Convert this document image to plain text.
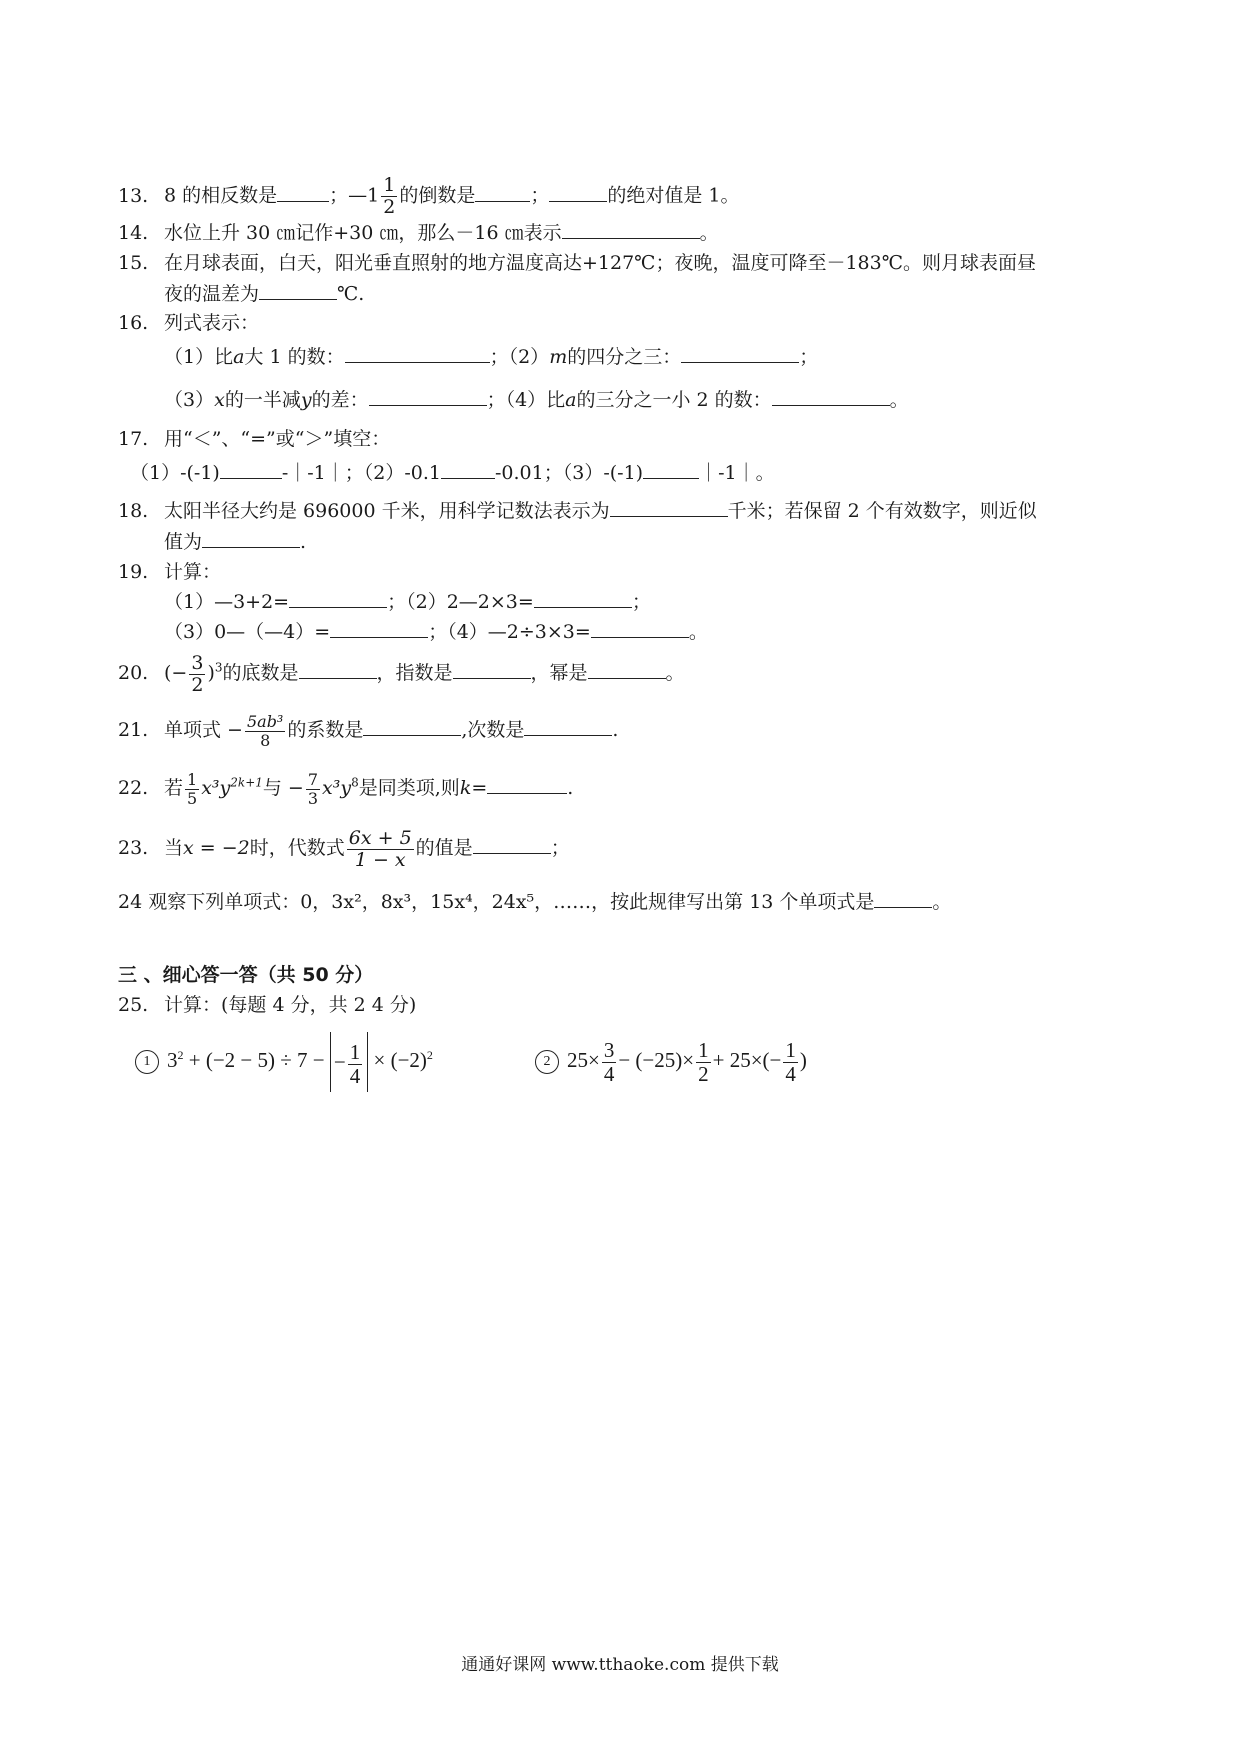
13. 8 的相反数是	；—1 $\frac{1}{2}$ 的倒数是	；	的绝对值是 1。
14. 水位上升 30 ㎝记作+30 ㎝，那么－16 ㎝表示	。
15. 在月球表面，白天，阳光垂直照射的地方温度高达+127℃；夜晚，温度可降至－183℃。则月球表面昼
夜的温差为	℃.
16. 列式表示：
（1）比a大 1 的数：	；（2）m的四分之三：	；
（3）x的一半减y的差：	；（4）比a的三分之一小 2 的数：	。
17. 用“＜”、“=”或“＞”填空：
（1）-(-1)	-｜-1｜；（2）-0.1	-0.01；（3）-(-1)	｜-1｜。
18. 太阳半径大约是 696000 千米，用科学记数法表示为	千米；若保留 2 个有效数字，则近似
值为	.
19. 计算：
（1）—3+2=	；（2）2—2×3=	；
（3）0—（—4）=	；（4）—2÷3×3=	。
20. (− $\frac{3}{2} )^3$的底数是	，指数是	，幂是	。
21. 单项式 − $\frac{\text{5ab³}}{8}$ 的系数是	,次数是	.
22. 若 $\frac{1}{5} x^3y^{2k+1}$与 − $\frac{7}{3} x^3y^8$是同类项,则k=	.
23. 当x = −2时，代数式 $\frac{6x + 5}{1 - x}$ 的值是	；
24 观察下列单项式：0，3x²，8x³，15x⁴，24x⁵，……，按此规律写出第 13 个单项式是	。
三 、细心答一答（共 50 分）
25. 计算：(每题 4 分，共 2 4 分)
1 $3^2 + (-2 - 5) \div 7$ − − $\frac{1}{4} \times (-2)^2$	2 $25\times \frac{3}{4} - (-25)\times \frac{1}{2} + 25\times(- \frac{1}{4}$ )
通通好课网 www.tthaoke.com 提供下载
